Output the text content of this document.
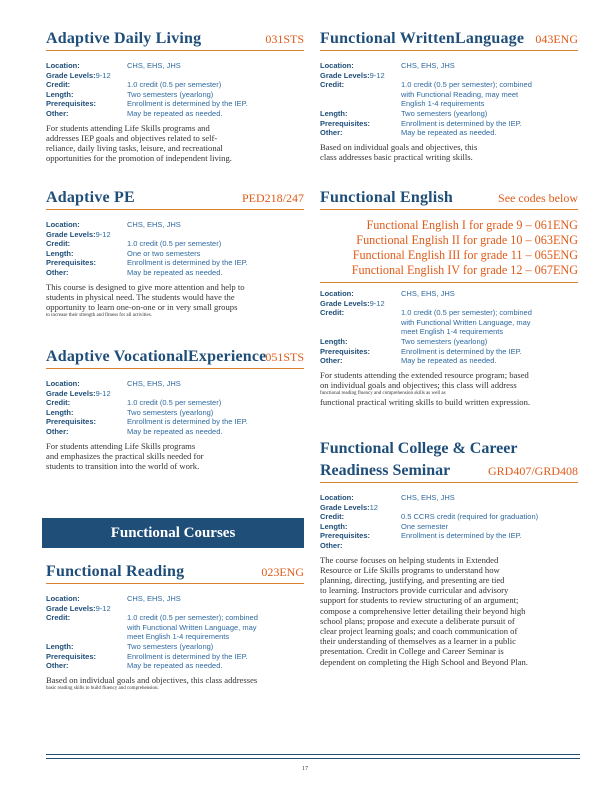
Adaptive Daily Living	031STS
Location:	CHS, EHS, JHS
Grade Levels: 9-12
Credit:	1.0 credit (0.5 per semester)
Length:	Two semesters (yearlong)
Prerequisites:	Enrollment is determined by the IEP.
Other:	May be repeated as needed.
For students attending Life Skills programs and
addresses IEP goals and objectives related to self-
reliance, daily living tasks, leisure, and recreational
opportunities for the promotion of independent living.
Adaptive PE	PED218/247
Location:	CHS, EHS, JHS
Grade Levels: 9-12
Credit:	1.0 credit (0.5 per semester)
Length:	One or two semesters
Prerequisites:	Enrollment is determined by the IEP.
Other:	May be repeated as needed.
This course is designed to give more attention and help to
students in physical need. The students would have the
opportunity to learn one-on-one or in very small groups
to increase their strength and fitness for all activities.
Adaptive VocationalExperience
051STS
Location:	CHS, EHS, JHS
Grade Levels: 9-12
Credit:	1.0 credit (0.5 per semester)
Length:	Two semesters (yearlong)
Prerequisites:	Enrollment is determined by the IEP.
Other:	May be repeated as needed.
For students attending Life Skills programs
and emphasizes the practical skills needed for
students to transition into the world of work.
Functional Courses
Functional Reading	023ENG
Location:	CHS, EHS, JHS
Grade Levels: 9-12
Credit:	1.0 credit (0.5 per semester); combined
with Functional Written Language, may
meet English 1-4 requirements
Length:	Two semesters (yearlong)
Prerequisites:	Enrollment is determined by the IEP.
Other:	May be repeated as needed.
Based on individual goals and objectives, this class addresses
basic reading skills to build fluency and comprehension.
Functional WrittenLanguage 043ENG
Location:	CHS, EHS, JHS
Grade Levels: 9-12
Credit:	1.0 credit (0.5 per semester); combined
with Functional Reading, may meet
English 1-4 requirements
Length:	Two semesters (yearlong)
Prerequisites:	Enrollment is determined by the IEP.
Other:	May be repeated as needed.
Based on individual goals and objectives, this
class addresses basic practical writing skills.
Functional English	See codes below
Functional English I for grade 9 – 061ENG
Functional English II for grade 10 – 063ENG
Functional English III for grade 11 – 065ENG
Functional English IV for grade 12 – 067ENG
Location:	CHS, EHS, JHS
Grade Levels: 9-12
Credit:	1.0 credit (0.5 per semester); combined
with Functional Written Language, may
meet English 1-4 requirements
Length:	Two semesters (yearlong)
Prerequisites:	Enrollment is determined by the IEP.
Other:	May be repeated as needed.
For students attending the extended resource program; based
on individual goals and objectives; this class will address
functional reading fluency and comprehension skills as well as
functional practical writing skills to build written expression.
Functional College & Career
Readiness Seminar	GRD407/GRD408
Location:	CHS, EHS, JHS
Grade Levels: 12
Credit:	0.5 CCRS credit (required for graduation)
Length:	One semester
Prerequisites:	Enrollment is determined by the IEP.
Other:
The course focuses on helping students in Extended
Resource or Life Skills programs to understand how
planning, directing, justifying, and presenting are tied
to learning. Instructors provide curricular and advisory
support for students to review structuring of an argument;
compose a comprehensive letter detailing their beyond high
school plans; propose and execute a deliberate pursuit of
clear project learning goals; and coach communication of
their understanding of themselves as a learner in a public
presentation. Credit in College and Career Seminar is
dependent on completing the High School and Beyond Plan.
17
